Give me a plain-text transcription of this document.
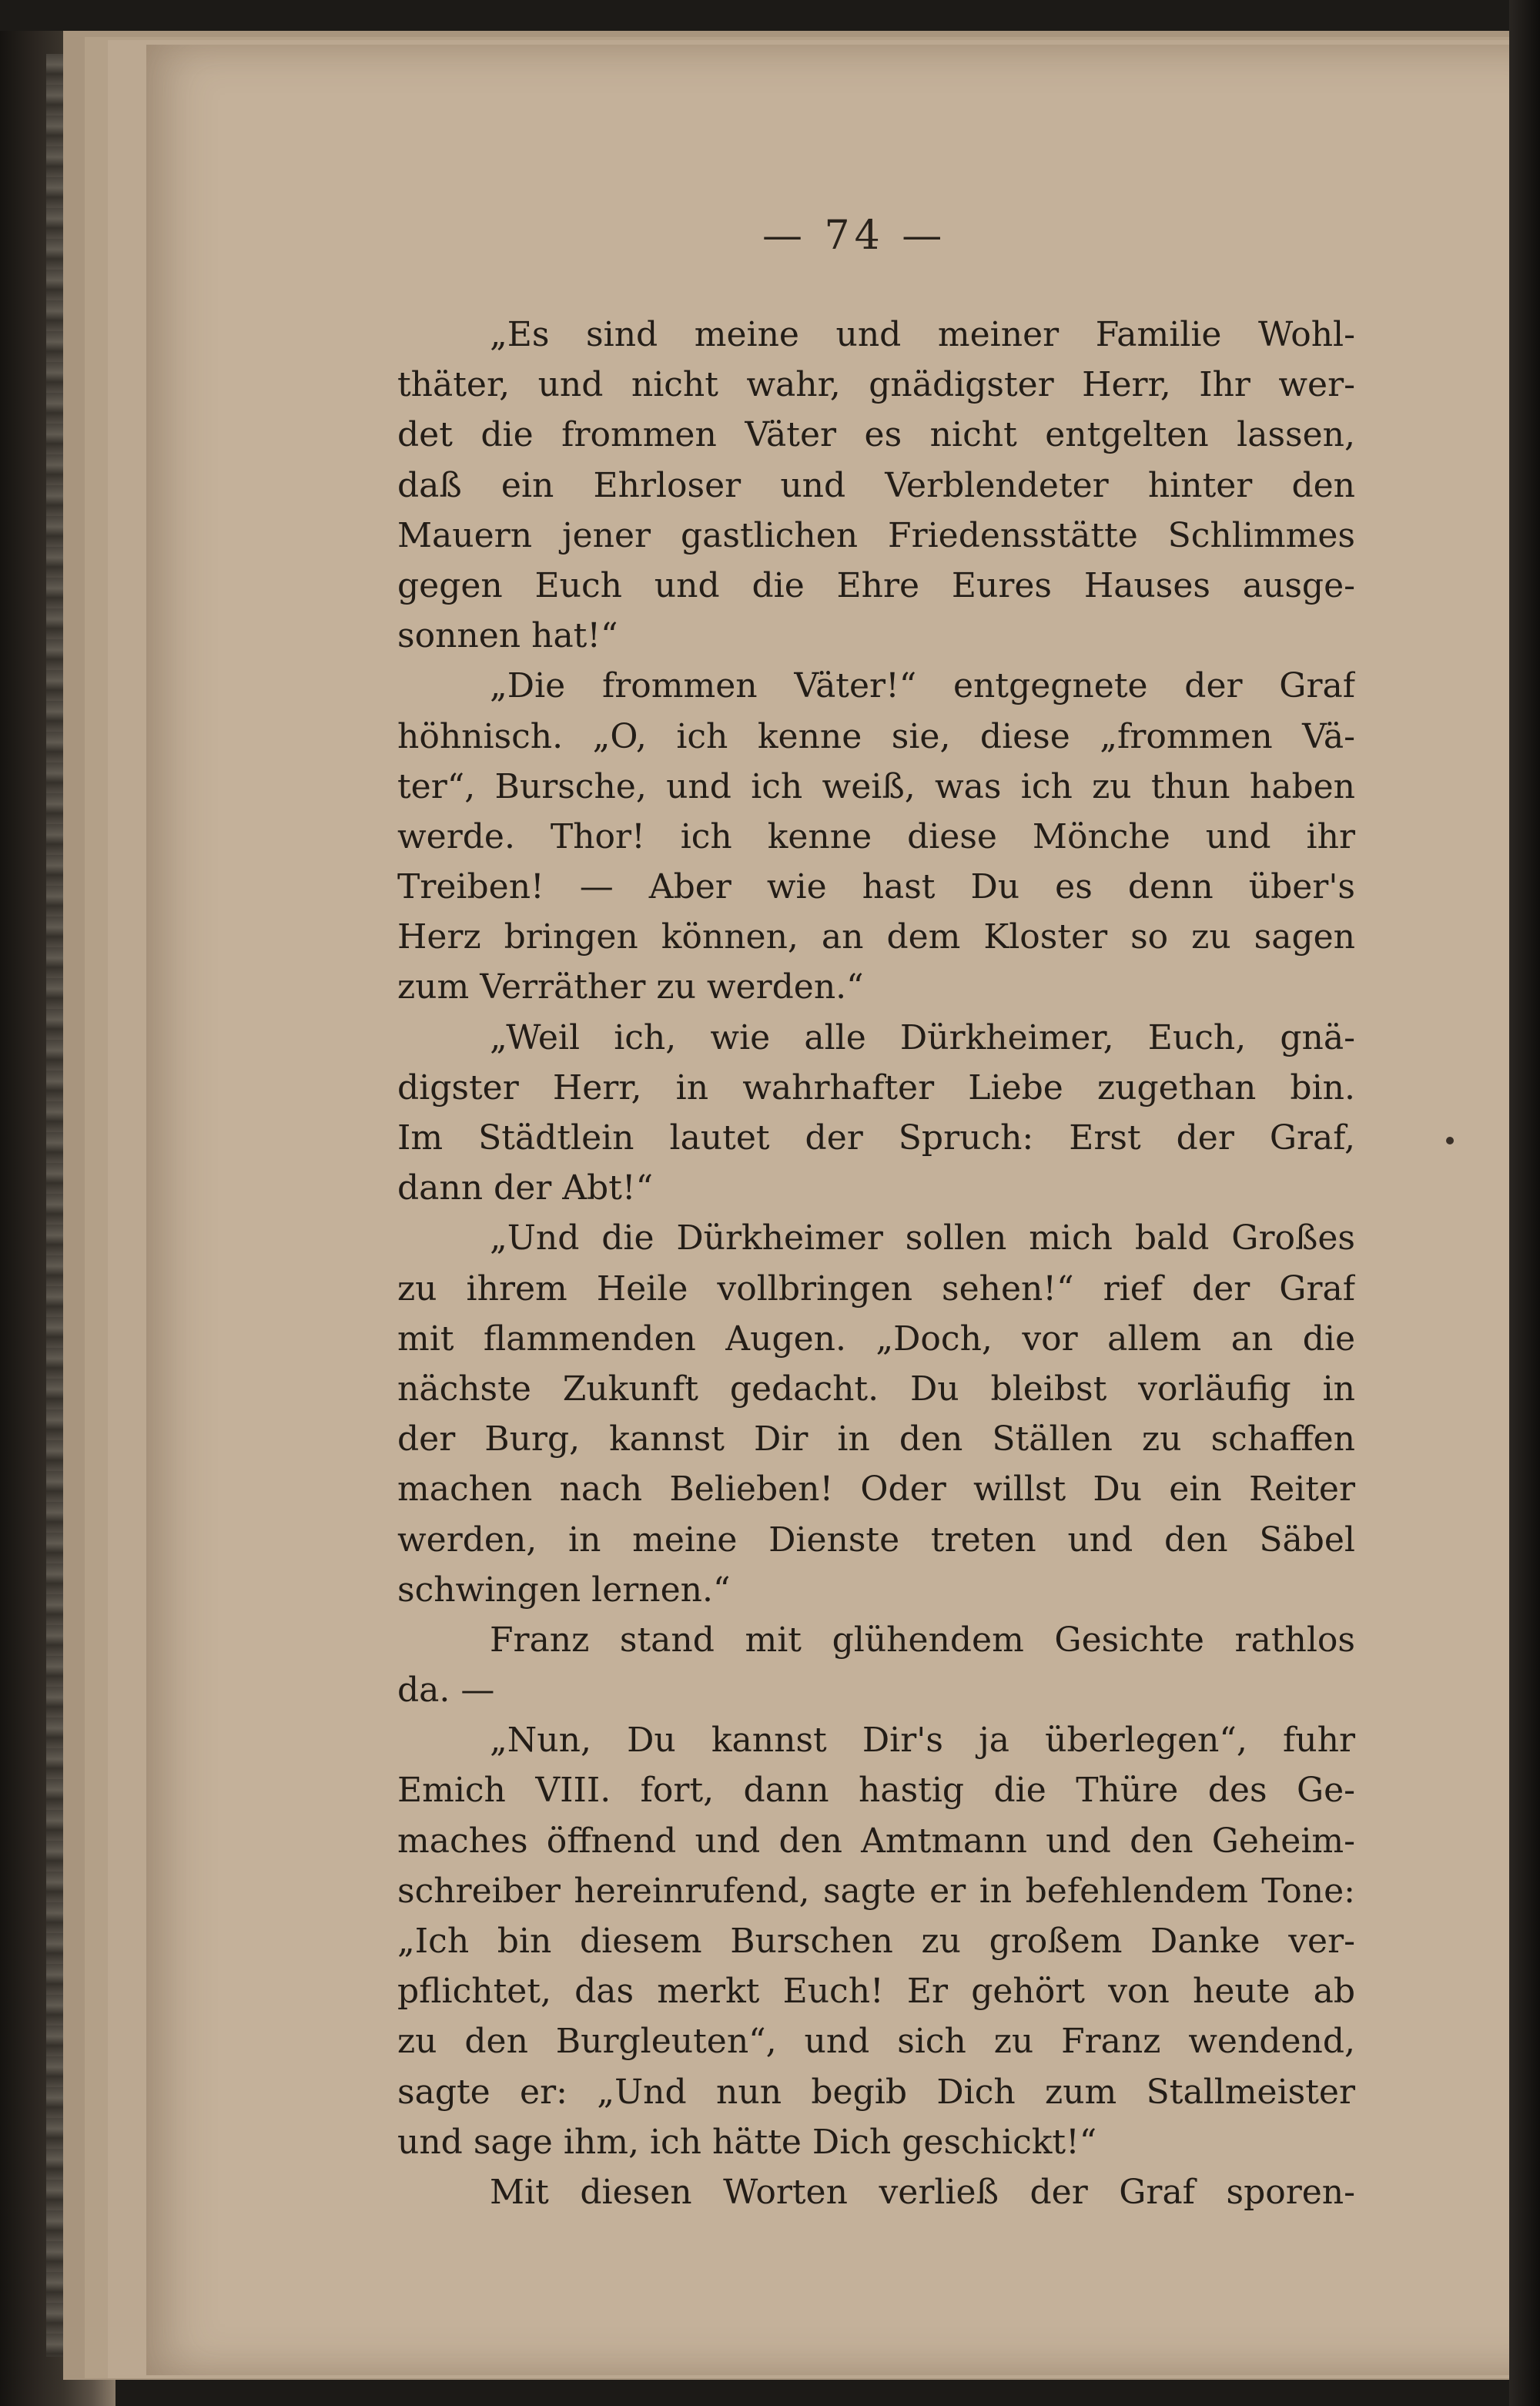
— 74 —
„Es sind meine und meiner Familie Wohl-
thäter, und nicht wahr, gnädigster Herr, Ihr wer-
det die frommen Väter es nicht entgelten lassen,
daß ein Ehrloser und Verblendeter hinter den
Mauern jener gastlichen Friedensstätte Schlimmes
gegen Euch und die Ehre Eures Hauses ausge-
sonnen hat!“
„Die frommen Väter!“ entgegnete der Graf
höhnisch. „O, ich kenne sie, diese „frommen Vä-
ter“, Bursche, und ich weiß, was ich zu thun haben
werde. Thor! ich kenne diese Mönche und ihr
Treiben! — Aber wie hast Du es denn über's
Herz bringen können, an dem Kloster so zu sagen
zum Verräther zu werden.“
„Weil ich, wie alle Dürkheimer, Euch, gnä-
digster Herr, in wahrhafter Liebe zugethan bin.
Im Städtlein lautet der Spruch: Erst der Graf,
dann der Abt!“
„Und die Dürkheimer sollen mich bald Großes
zu ihrem Heile vollbringen sehen!“ rief der Graf
mit flammenden Augen. „Doch, vor allem an die
nächste Zukunft gedacht. Du bleibst vorläufig in
der Burg, kannst Dir in den Ställen zu schaffen
machen nach Belieben! Oder willst Du ein Reiter
werden, in meine Dienste treten und den Säbel
schwingen lernen.“
Franz stand mit glühendem Gesichte rathlos
da. —
„Nun, Du kannst Dir's ja überlegen“, fuhr
Emich VIII. fort, dann hastig die Thüre des Ge-
maches öffnend und den Amtmann und den Geheim-
schreiber hereinrufend, sagte er in befehlendem Tone:
„Ich bin diesem Burschen zu großem Danke ver-
pflichtet, das merkt Euch! Er gehört von heute ab
zu den Burgleuten“, und sich zu Franz wendend,
sagte er: „Und nun begib Dich zum Stallmeister
und sage ihm, ich hätte Dich geschickt!“
Mit diesen Worten verließ der Graf sporen-
